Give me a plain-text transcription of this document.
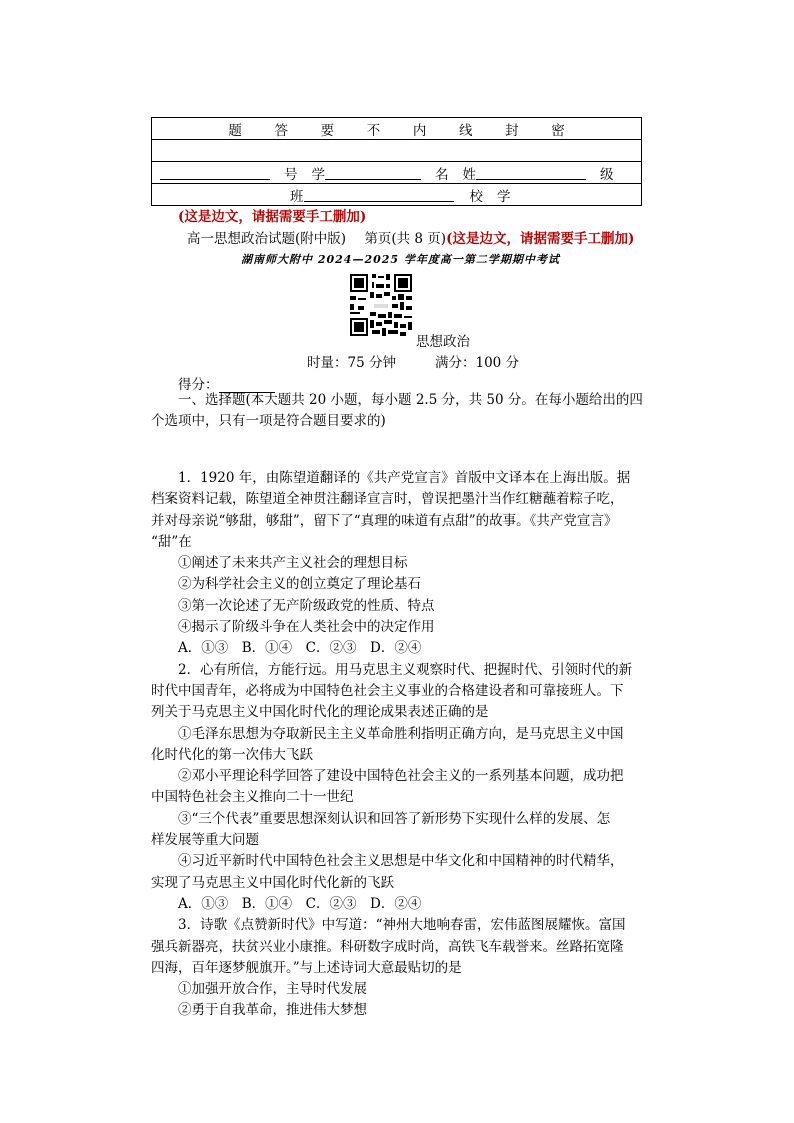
题 答 要 不 内 线 封 密

号 学	名 姓	级

班	校 学
(这是边文，请据需要手工删加)
高一思想政治试题(附中版) 第页(共 8 页)(这是边文，请据需要手工删加)
湖南师大附中 2024—2025 学年度高一第二学期期中考试
思想政治
时量：75 分钟	满分：100 分
得分：
一、选择题(本大题共 20 小题，每小题 2.5 分，共 50 分。在每小题给出的四
个选项中，只有一项是符合题目要求的)
1．1920 年，由陈望道翻译的《共产党宣言》首版中文译本在上海出版。据
档案资料记载，陈望道全神贯注翻译宣言时，曾误把墨汁当作红糖蘸着粽子吃，
并对母亲说“够甜，够甜”，留下了“真理的味道有点甜”的故事。《共产党宣言》
“甜”在
①阐述了未来共产主义社会的理想目标
②为科学社会主义的创立奠定了理论基石
③第一次论述了无产阶级政党的性质、特点
④揭示了阶级斗争在人类社会中的决定作用
A．①③　B．①④　C．②③　D．②④
2．心有所信，方能行远。用马克思主义观察时代、把握时代、引领时代的新
时代中国青年，必将成为中国特色社会主义事业的合格建设者和可靠接班人。下
列关于马克思主义中国化时代化的理论成果表述正确的是
①毛泽东思想为夺取新民主主义革命胜利指明正确方向，是马克思主义中国
化时代化的第一次伟大飞跃
②邓小平理论科学回答了建设中国特色社会主义的一系列基本问题，成功把
中国特色社会主义推向二十一世纪
③“三个代表”重要思想深刻认识和回答了新形势下实现什么样的发展、怎
样发展等重大问题
④习近平新时代中国特色社会主义思想是中华文化和中国精神的时代精华，
实现了马克思主义中国化时代化新的飞跃
A．①③　B．①④　C．②③　D．②④
3．诗歌《点赞新时代》中写道：“神州大地响春雷，宏伟蓝图展耀恢。富国
强兵新器亮，扶贫兴业小康推。科研数字成时尚，高铁飞车载誉来。丝路拓宽隆
四海，百年逐梦舰旗开。”与上述诗词大意最贴切的是
①加强开放合作，主导时代发展
②勇于自我革命，推进伟大梦想
